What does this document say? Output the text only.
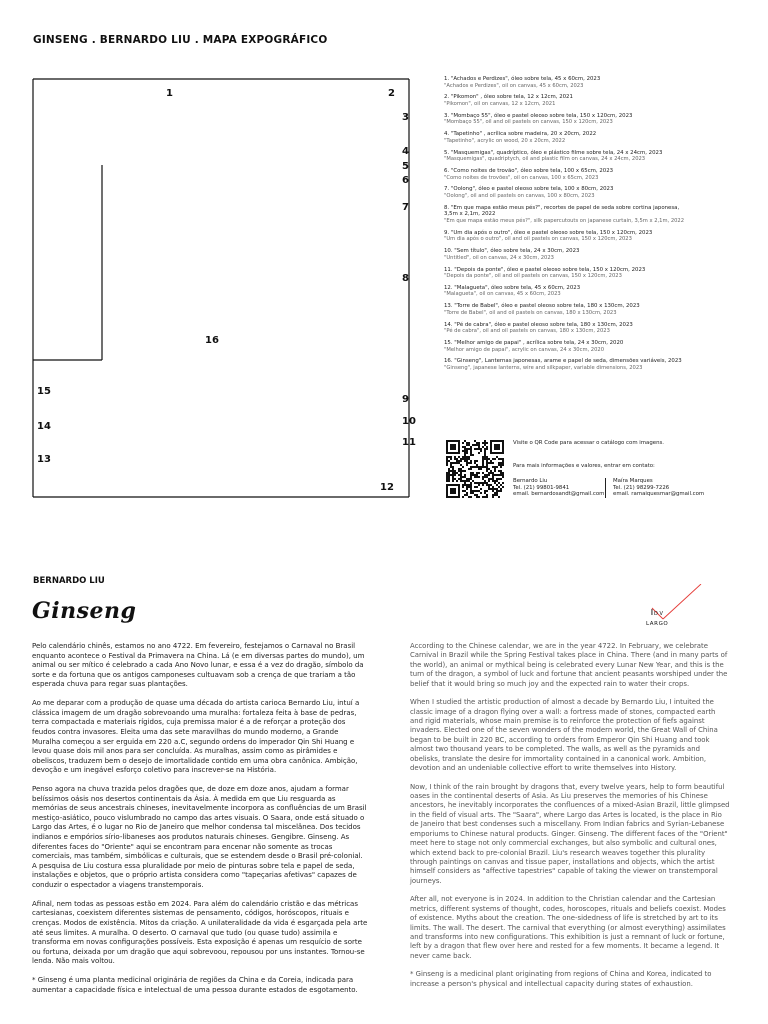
GINSENG . BERNARDO LIU . MAPA EXPOGRÁFICO
1	2
3
4
5
6
7
8
9
10
11
12
13
14
15
16
1. "Achados e Perdizes", óleo sobre tela, 45 x 60cm, 2023
"Achados e Perdizes", oil on canvas, 45 x 60cm, 2023
2. "Pikomon" , óleo sobre tela, 12 x 12cm, 2021
"Pikomon", oil on canvas, 12 x 12cm, 2021
3. "Mombaço 55", óleo e pastel oleoso sobre tela, 150 x 120cm, 2023
"Mombaço 55", oil and oil pastels on canvas, 150 x 120cm, 2023
4. "Tapetinho" , acrílica sobre madeira, 20 x 20cm, 2022
"Tapetinho", acrylic on wood, 20 x 20cm, 2022
5. "Masquemigas", quadríptico, óleo e plástico filme sobre tela, 24 x 24cm, 2023
"Masquemigas", quadriptych, oil and plastic film on canvas, 24 x 24cm, 2023
6. "Como noites de trovão", óleo sobre tela, 100 x 65cm, 2023
"Como noites de trovões", oil on canvas, 100 x 65cm, 2023
7. "Oolong", óleo e pastel oleoso sobre tela, 100 x 80cm, 2023
"Oolong", oil and oil pastels on canvas, 100 x 80cm, 2023
8. "Em que mapa estão meus pés?", recortes de papel de seda sobre cortina japonesa, 3,5m x 2,1m, 2022
"Em que mapa estão meus pés?", silk papercutouts on japanese curtain, 3,5m x 2,1m, 2022
9. "Um dia após o outro", óleo e pastel oleoso sobre tela, 150 x 120cm, 2023
"Um dia após o outro", oil and oil pastels on canvas, 150 x 120cm, 2023
10. "Sem título", óleo sobre tela, 24 x 30cm, 2023
"Untitled", oil on canvas, 24 x 30cm, 2023
11. "Depois da ponte", óleo e pastel oleoso sobre tela, 150 x 120cm, 2023
"Depois da ponte", oil and oil pastels on canvas, 150 x 120cm, 2023
12. "Malagueta", óleo sobre tela, 45 x 60cm, 2023
"Malagueta", oil on canvas, 45 x 60cm, 2023
13. "Torre de Babel", óleo e pastel oleoso sobre tela, 180 x 130cm, 2023
"Torre de Babel", oil and oil pastels on canvas, 180 x 130cm, 2023
14. "Pé de cabra", óleo e pastel oleoso sobre tela, 180 x 130cm, 2023
"Pé de cabra", oil and oil pastels on canvas, 180 x 130cm, 2023
15. "Melhor amigo de papai" , acrílica sobre tela, 24 x 30cm, 2020
"Melhor amigo de papai", acrylic on canvas, 24 x 30cm, 2020
16. "Ginseng", Lanternas japonesas, arame e papel de seda, dimensões variáveis, 2023
"Ginseng", japanese lanterns, wire and silkpaper, variable dimensions, 2023
Visite o QR Code para acessar o catálogo com imagens.
Para mais informações e valores, entrar em contato:
Bernardo Liu
Tel. (21) 99801-9841
email. bernardosandt@gmail.com
Maíra Marques
Tel. (21) 98299-7226
email. ramaiquesmar@gmail.com
BERNARDO LIU
Ginseng	D V
LARGO

Pelo calendário chinês, estamos no ano 4722. Em fevereiro, festejamos o Carnaval no Brasil enquanto acontece o Festival da Primavera na China. Lá (e em diversas partes do mundo), um animal ou ser mítico é celebrado a cada Ano Novo lunar, e essa é a vez do dragão, símbolo da sorte e da fortuna que os antigos camponeses cultuavam sob a crença de que trariam a tão esperada chuva para regar suas plantações.

Ao me deparar com a produção de quase uma década do artista carioca Bernardo Liu, intuí a clássica imagem de um dragão sobrevoando uma muralha: fortaleza feita à base de pedras, terra compactada e materiais rígidos, cuja premissa maior é a de reforçar a proteção dos feudos contra invasores. Eleita uma das sete maravilhas do mundo moderno, a Grande Muralha começou a ser erguida em 220 a.C, segundo ordens do imperador Qin Shi Huang e levou quase dois mil anos para ser concluída. As muralhas, assim como as pirâmides e obeliscos, traduzem bem o desejo de imortalidade contido em uma obra canônica. Ambição, devoção e um inegável esforço coletivo para inscrever-se na História.

Penso agora na chuva trazida pelos dragões que, de doze em doze anos, ajudam a formar belíssimos oásis nos desertos continentais da Ásia. À medida em que Liu resguarda as memórias de seus ancestrais chineses, inevitavelmente incorpora as confluências de um Brasil mestiço-asiático, pouco vislumbrado no campo das artes visuais. O Saara, onde está situado o Largo das Artes, é o lugar no Rio de Janeiro que melhor condensa tal miscelânea. Dos tecidos indianos e empórios sírio-libaneses aos produtos naturais chineses. Gengibre. Ginseng. As diferentes faces do "Oriente" aqui se encontram para encenar não somente as trocas comerciais, mas também, simbólicas e culturais, que se estendem desde o Brasil pré-colonial. A pesquisa de Liu costura essa pluralidade por meio de pinturas sobre tela e papel de seda, instalações e objetos, que o próprio artista considera como "tapeçarias afetivas" capazes de conduzir o espectador a viagens transtemporais.

Afinal, nem todas as pessoas estão em 2024. Para além do calendário cristão e das métricas cartesianas, coexistem diferentes sistemas de pensamento, códigos, horóscopos, rituais e crenças. Modos de existência. Mitos da criação. A unilateralidade da vida é esgarçada pela arte até seus limites. A muralha. O deserto. O carnaval que tudo (ou quase tudo) assimila e transforma em novas configurações possíveis. Esta exposição é apenas um resquício de sorte ou fortuna, deixada por um dragão que aqui sobrevoou, repousou por uns instantes. Tornou-se lenda. Não mais voltou.

* Ginseng é uma planta medicinal originária de regiões da China e da Coreia, indicada para aumentar a capacidade física e intelectual de uma pessoa durante estados de esgotamento.

According to the Chinese calendar, we are in the year 4722. In February, we celebrate Carnival in Brazil while the Spring Festival takes place in China. There (and in many parts of the world), an animal or mythical being is celebrated every Lunar New Year, and this is the turn of the dragon, a symbol of luck and fortune that ancient peasants worshiped under the belief that it would bring so much joy and the expected rain to water their crops.

When I studied the artistic production of almost a decade by Bernardo Liu, I intuited the classic image of a dragon flying over a wall: a fortress made of stones, compacted earth and rigid materials, whose main premise is to reinforce the protection of fiefs against invaders. Elected one of the seven wonders of the modern world, the Great Wall of China began to be built in 220 BC, according to orders from Emperor Qin Shi Huang and took almost two thousand years to be completed. The walls, as well as the pyramids and obelisks, translate the desire for immortality contained in a canonical work. Ambition, devotion and an undeniable collective effort to write themselves into History.

Now, I think of the rain brought by dragons that, every twelve years, help to form beautiful oases in the continental deserts of Asia. As Liu preserves the memories of his Chinese ancestors, he inevitably incorporates the confluences of a mixed-Asian Brazil, little glimpsed in the field of visual arts. The "Saara", where Largo das Artes is located, is the place in Rio de Janeiro that best condenses such a miscellany. From Indian fabrics and Syrian-Lebanese emporiums to Chinese natural products. Ginger. Ginseng. The different faces of the "Orient" meet here to stage not only commercial exchanges, but also symbolic and cultural ones, which extend back to pre-colonial Brazil. Liu's research weaves together this plurality through paintings on canvas and tissue paper, installations and objects, which the artist himself considers as "affective tapestries" capable of taking the viewer on transtemporal journeys.

After all, not everyone is in 2024. In addition to the Christian calendar and the Cartesian metrics, different systems of thought, codes, horoscopes, rituals and beliefs coexist. Modes of existence. Myths about the creation. The one-sidedness of life is stretched by art to its limits. The wall. The desert. The carnival that everything (or almost everything) assimilates and transforms into new configurations. This exhibition is just a remnant of luck or fortune, left by a dragon that flew over here and rested for a few moments. It became a legend. It never came back.

* Ginseng is a medicinal plant originating from regions of China and Korea, indicated to increase a person's physical and intellectual capacity during states of exhaustion.
